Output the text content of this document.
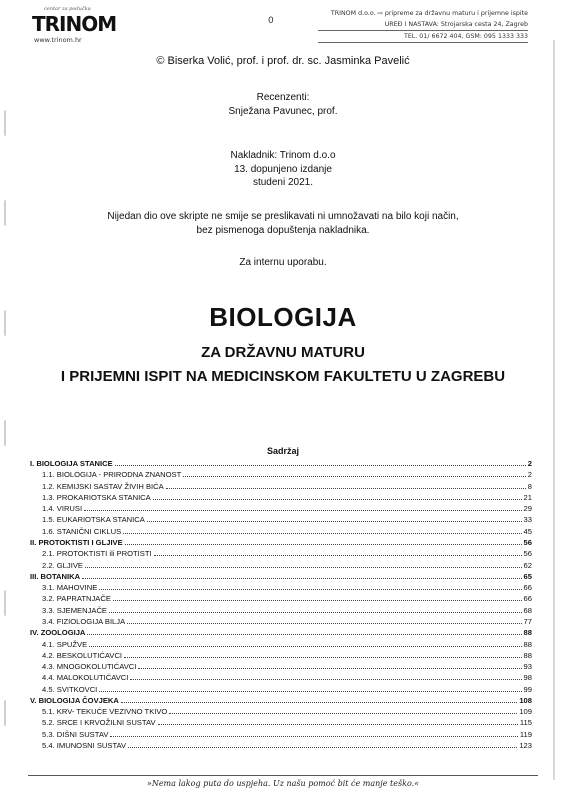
centar za podučku
TRINOM
www.trinom.hr
0
TRINOM d.o.o. ⇨ pripreme za državnu maturu i prijemne ispite
UREĐ I NASTAVA: Strojarska cesta 24, Zagreb
TEL. 01/ 6672 404, GSM: 095 1333 333
© Biserka Volić, prof. i prof. dr. sc. Jasminka Pavelić
Recenzenti:
Snježana Pavunec, prof.
Nakladnik: Trinom d.o.o
13. dopunjeno izdanje
studeni 2021.
Nijedan dio ove skripte ne smije se preslikavati ni umnožavati na bilo koji način,
bez pismenoga dopuštenja nakladnika.
Za internu uporabu.
BIOLOGIJA
ZA DRŽAVNU MATURU
I PRIJEMNI ISPIT NA MEDICINSKOM FAKULTETU U ZAGREBU
Sadržaj
I. BIOLOGIJA STANICE	2
1.1. BIOLOGIJA - PRIRODNA ZNANOST	2
1.2. KEMIJSKI SASTAV ŽIVIH BIĆA	8
1.3. PROKARIOTSKA STANICA	21
1.4. VIRUSI	29
1.5. EUKARIOTSKA STANICA	33
1.6. STANIČNI CIKLUS	45
II. PROTOKTISTI I GLJIVE	56
2.1. PROTOKTISTI ili PROTISTI	56
2.2. GLJIVE	62
III. BOTANIKA	65
3.1. MAHOVINE	66
3.2. PAPRATNJAČE	66
3.3. SJEMENJAČE	68
3.4. FIZIOLOGIJA BILJA	77
IV. ZOOLOGIJA	88
4.1. SPUŽVE	88
4.2. BESKOLUTIĆAVCI	88
4.3. MNOGOKOLUTIĆAVCI	93
4.4. MALOKOLUTIĆAVCI	98
4.5. SVITKOVCI	99
V. BIOLOGIJA ČOVJEKA	108
5.1. KRV- TEKUĆE VEZIVNO TKIVO	109
5.2. SRCE I KRVOŽILNI SUSTAV	115
5.3. DIŠNI SUSTAV	119
5.4. IMUNOSNI SUSTAV	123
»Nema lakog puta do uspjeha. Uz našu pomoć bit će manje teško.«
